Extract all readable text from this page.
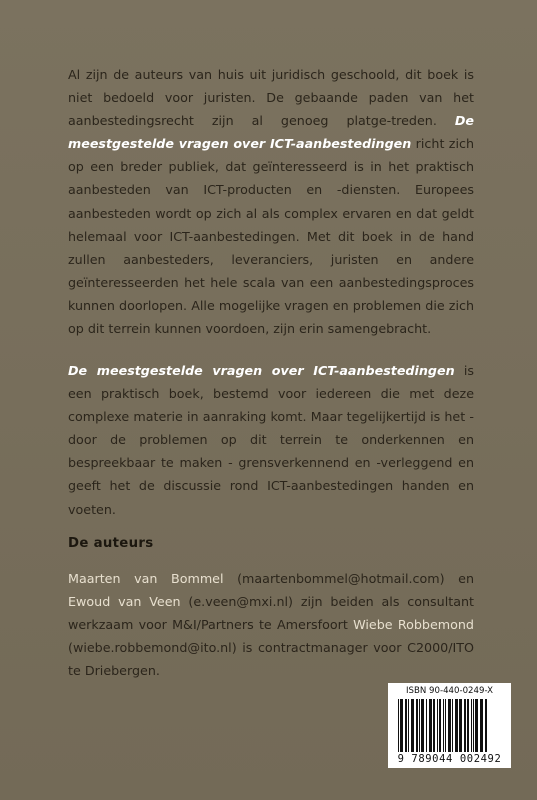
Al zijn de auteurs van huis uit juridisch geschoold, dit boek is niet bedoeld voor juristen. De gebaande paden van het aanbestedingsrecht zijn al genoeg platge-treden. De meestgestelde vragen over ICT-aanbestedingen richt zich op een breder publiek, dat geïnteresseerd is in het praktisch aanbesteden van ICT-producten en -diensten. Europees aanbesteden wordt op zich al als complex ervaren en dat geldt helemaal voor ICT-aanbestedingen. Met dit boek in de hand zullen aanbesteders, leveranciers, juristen en andere geïnteresseerden het hele scala van een aanbestedingsproces kunnen doorlopen. Alle mogelijke vragen en problemen die zich op dit terrein kunnen voordoen, zijn erin samengebracht.
De meestgestelde vragen over ICT-aanbestedingen is een praktisch boek, bestemd voor iedereen die met deze complexe materie in aanraking komt. Maar tegelijkertijd is het - door de problemen op dit terrein te onderkennen en bespreekbaar te maken - grensverkennend en -verleggend en geeft het de discussie rond ICT-aanbestedingen handen en voeten.
De auteurs
Maarten van Bommel (maartenbommel@hotmail.com) en Ewoud van Veen (e.veen@mxi.nl) zijn beiden als consultant werkzaam voor M&I/Partners te Amersfoort Wiebe Robbemond (wiebe.robbemond@ito.nl) is contractmanager voor C2000/ITO te Driebergen.
ISBN 90-440-0249-X
9 789044 002492
